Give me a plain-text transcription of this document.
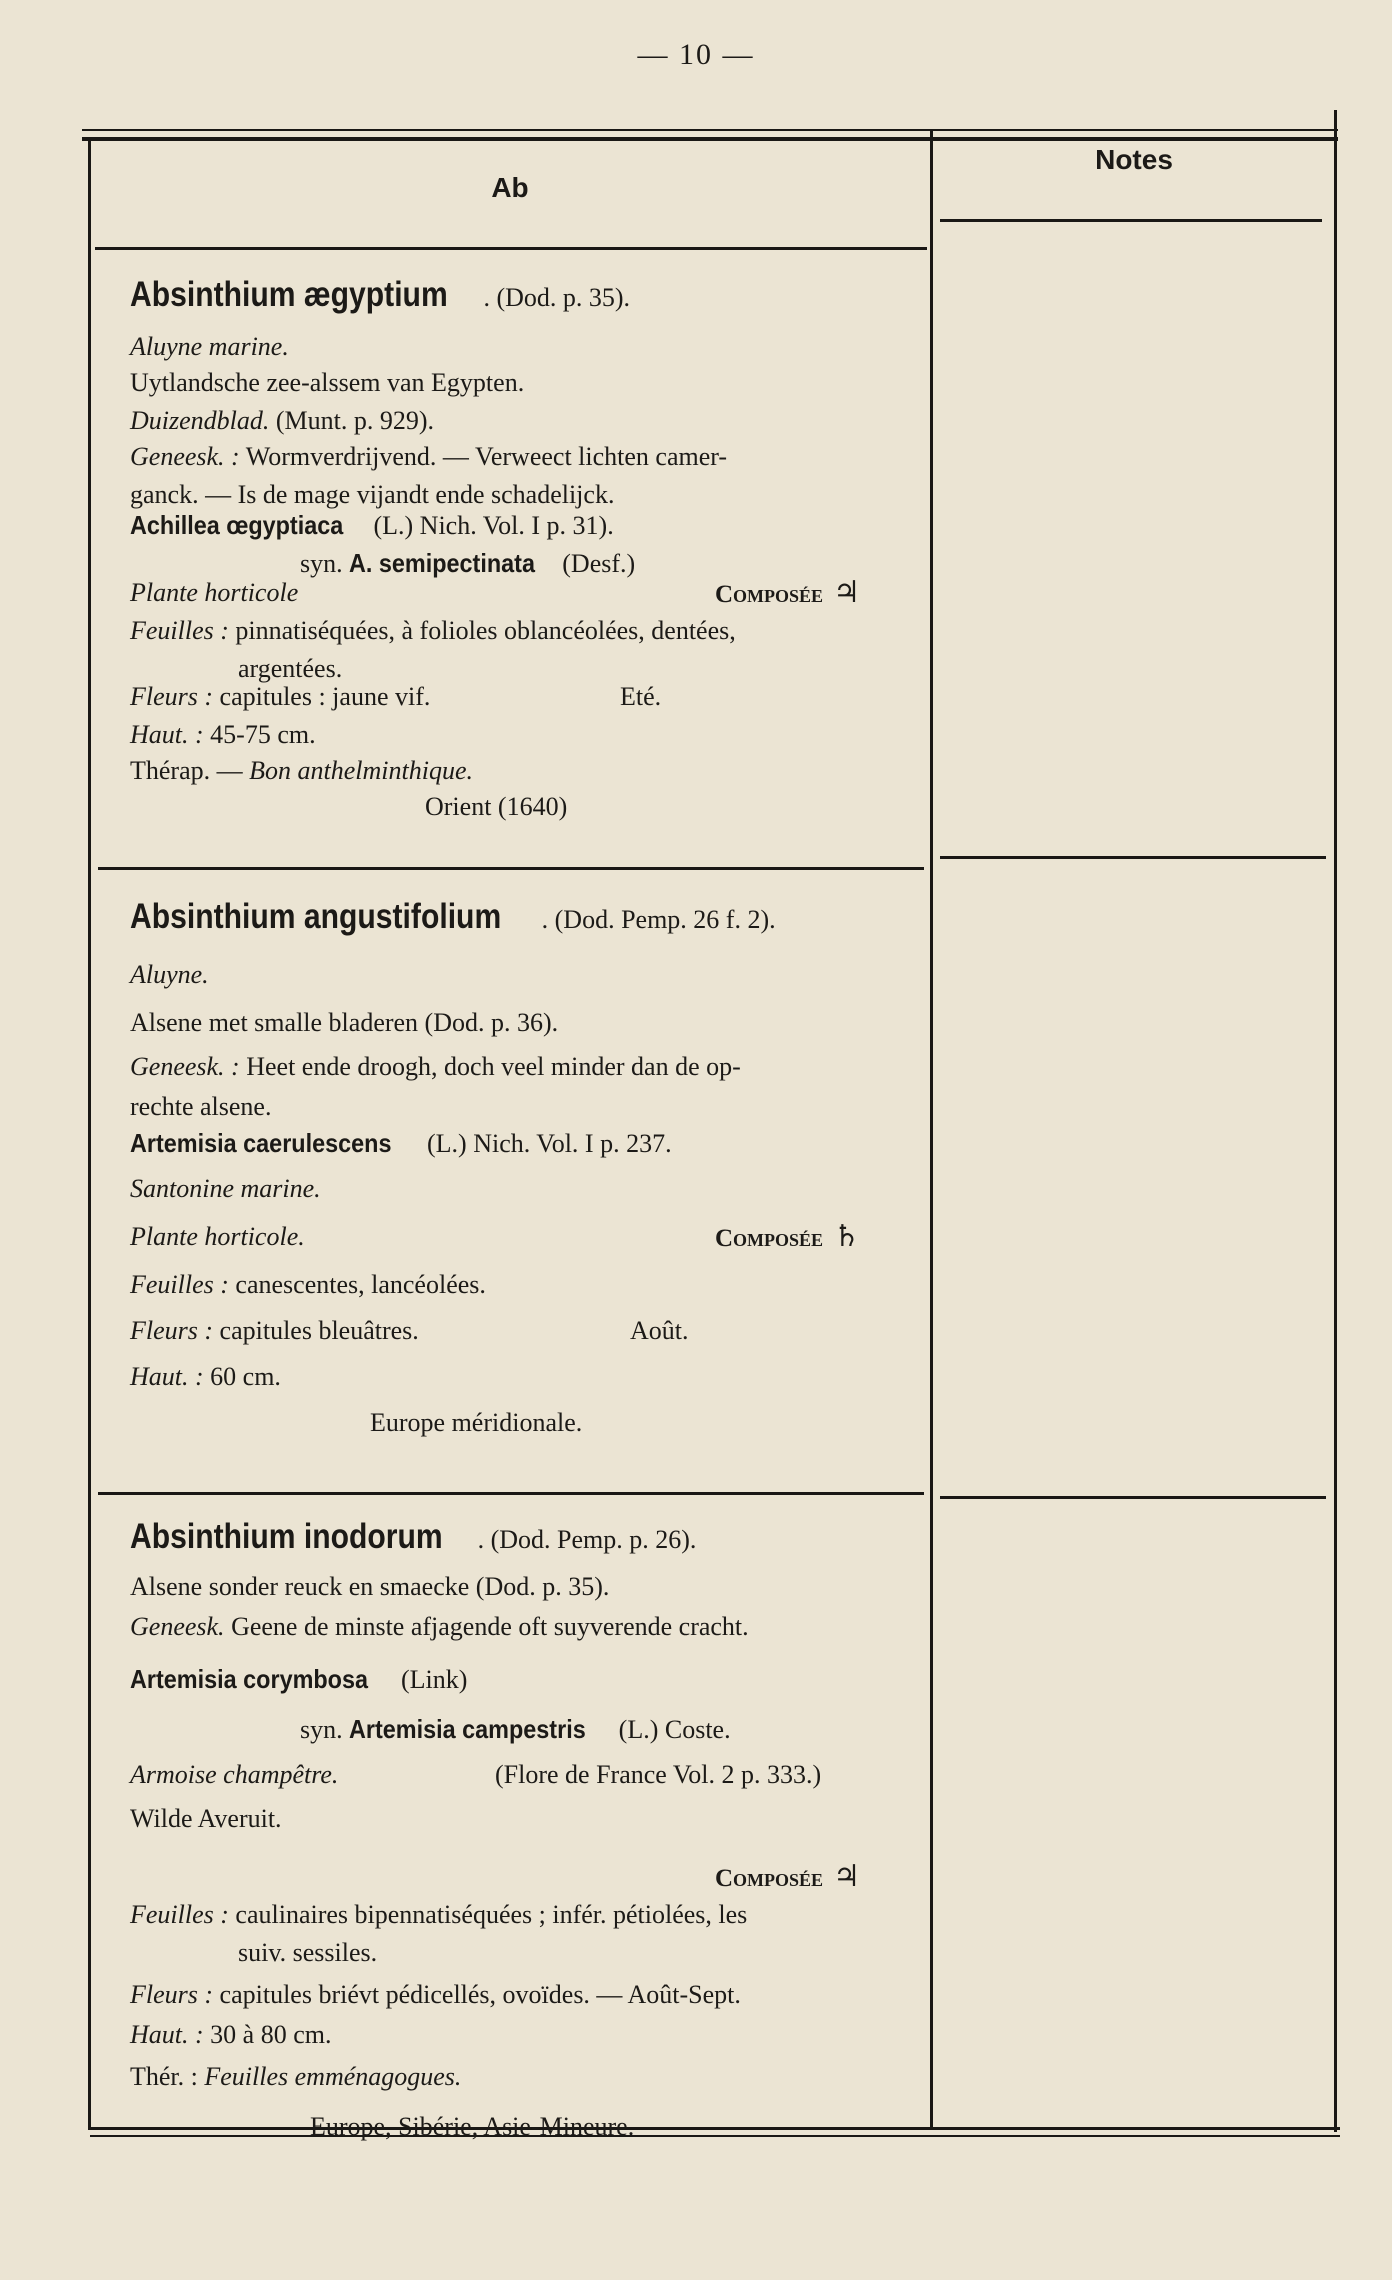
— 10 —
Ab
Notes
Absinthium ægyptium . (Dod. p. 35).
Aluyne marine.
Uytlandsche zee-alssem van Egypten.
Duizendblad. (Munt. p. 929).
Geneesk. : Wormverdrijvend. — Verweect lichten camer-
ganck. — Is de mage vijandt ende schadelijck.
Achillea œgyptiaca (L.) Nich. Vol. I p. 31).
syn. A. semipectinata (Desf.)
Plante horticole	Composée ♃
Feuilles : pinnatiséquées, à folioles oblancéolées, dentées,
argentées.
Fleurs : capitules : jaune vif.	Eté.
Haut. : 45-75 cm.
Thérap. — Bon anthelminthique.
Orient (1640)
Absinthium angustifolium . (Dod. Pemp. 26 f. 2).
Aluyne.
Alsene met smalle bladeren (Dod. p. 36).
Geneesk. : Heet ende droogh, doch veel minder dan de op-
rechte alsene.
Artemisia caerulescens (L.) Nich. Vol. I p. 237.
Santonine marine.
Plante horticole.	Composée ♄
Feuilles : canescentes, lancéolées.
Fleurs : capitules bleuâtres.	Août.
Haut. : 60 cm.
Europe méridionale.
Absinthium inodorum . (Dod. Pemp. p. 26).
Alsene sonder reuck en smaecke (Dod. p. 35).
Geneesk. Geene de minste afjagende oft suyverende cracht.
Artemisia corymbosa (Link)
syn. Artemisia campestris (L.) Coste.
Armoise champêtre.	(Flore de France Vol. 2 p. 333.)
Wilde Averuit.
Composée ♃
Feuilles : caulinaires bipennatiséquées ; infér. pétiolées, les
suiv. sessiles.
Fleurs : capitules briévt pédicellés, ovoïdes. — Août-Sept.
Haut. : 30 à 80 cm.
Thér. : Feuilles emménagogues.
Europe, Sibérie, Asie-Mineure.
